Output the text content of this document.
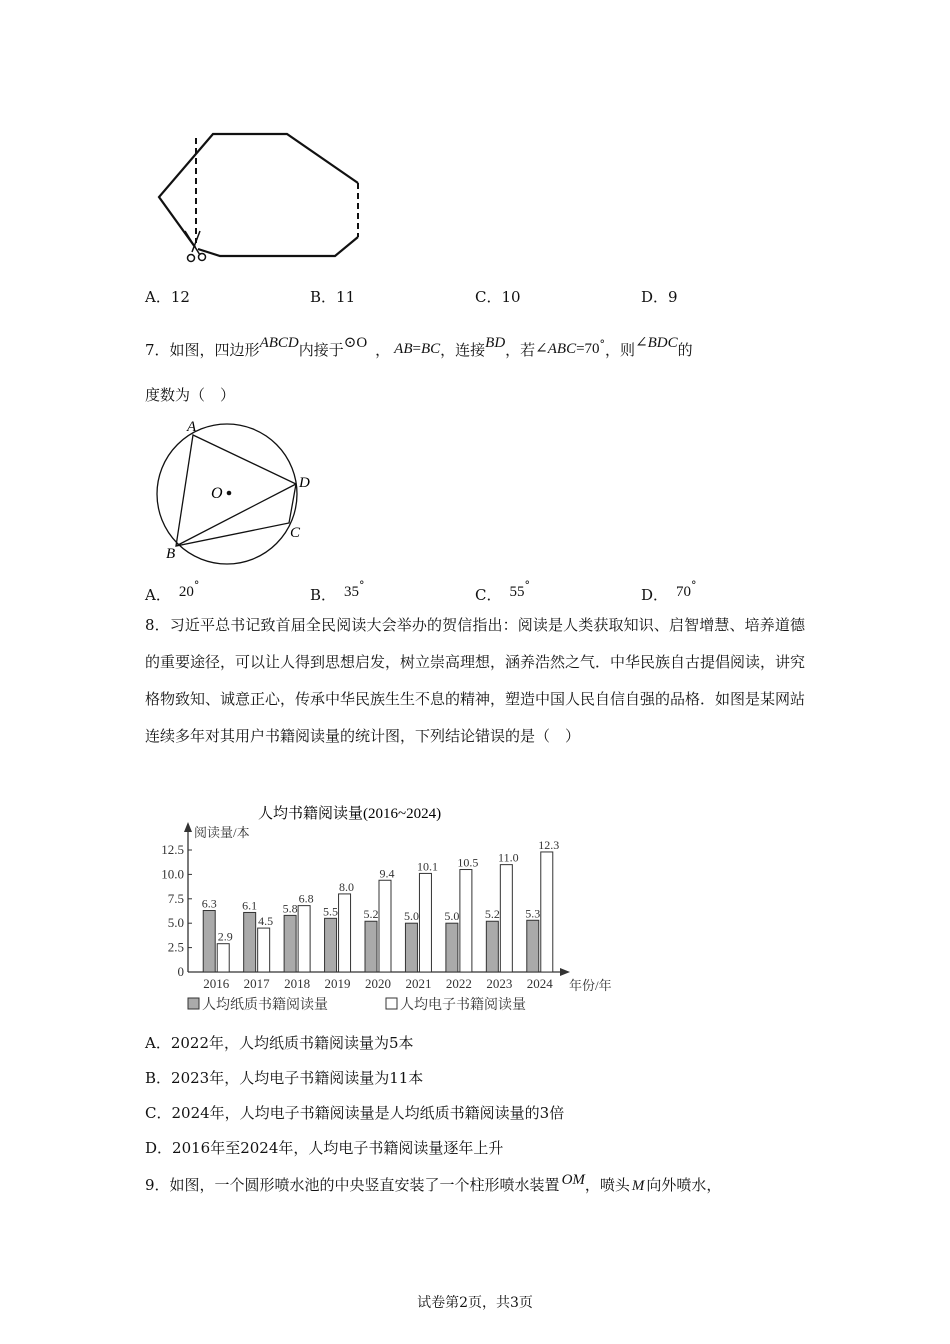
A．12	B．11	C．10	D．9
7．如图，四边形ABCD内接于⊙O ， AB=BC，连接BD，若∠ABC=70°，则∠BDC的
度数为（　）
A
D
C
B
O
A． 20°
B． 35°
C． 55°
D． 70°
8．习近平总书记致首届全民阅读大会举办的贺信指出：阅读是人类获取知识、启智增慧、培养道德的重要途径，可以让人得到思想启发，树立崇高理想，涵养浩然之气．中华民族自古提倡阅读，讲究格物致知、诚意正心，传承中华民族生生不息的精神，塑造中国人民自信自强的品格．如图是某网站连续多年对其用户书籍阅读量的统计图，下列结论错误的是（　）
人均书籍阅读量(2016~2024)
阅读量/本
年份/年
0
2.5
5.0
7.5
10.0
12.5
6.3
2.9
2016
6.1
4.5
2017
5.8
6.8
2018
5.5
8.0
2019
5.2
9.4
2020
5.0
10.1
2021
5.0
10.5
2022
5.2
11.0
2023
5.3
12.3
2024
人均纸质书籍阅读量	人均电子书籍阅读量
A．2022年，人均纸质书籍阅读量为5本
B．2023年，人均电子书籍阅读量为11本
C．2024年，人均电子书籍阅读量是人均纸质书籍阅读量的3倍
D．2016年至2024年，人均电子书籍阅读量逐年上升
9．如图，一个圆形喷水池的中央竖直安装了一个柱形喷水装置 OM，喷头 M 向外喷水，
试卷第2页，共3页
